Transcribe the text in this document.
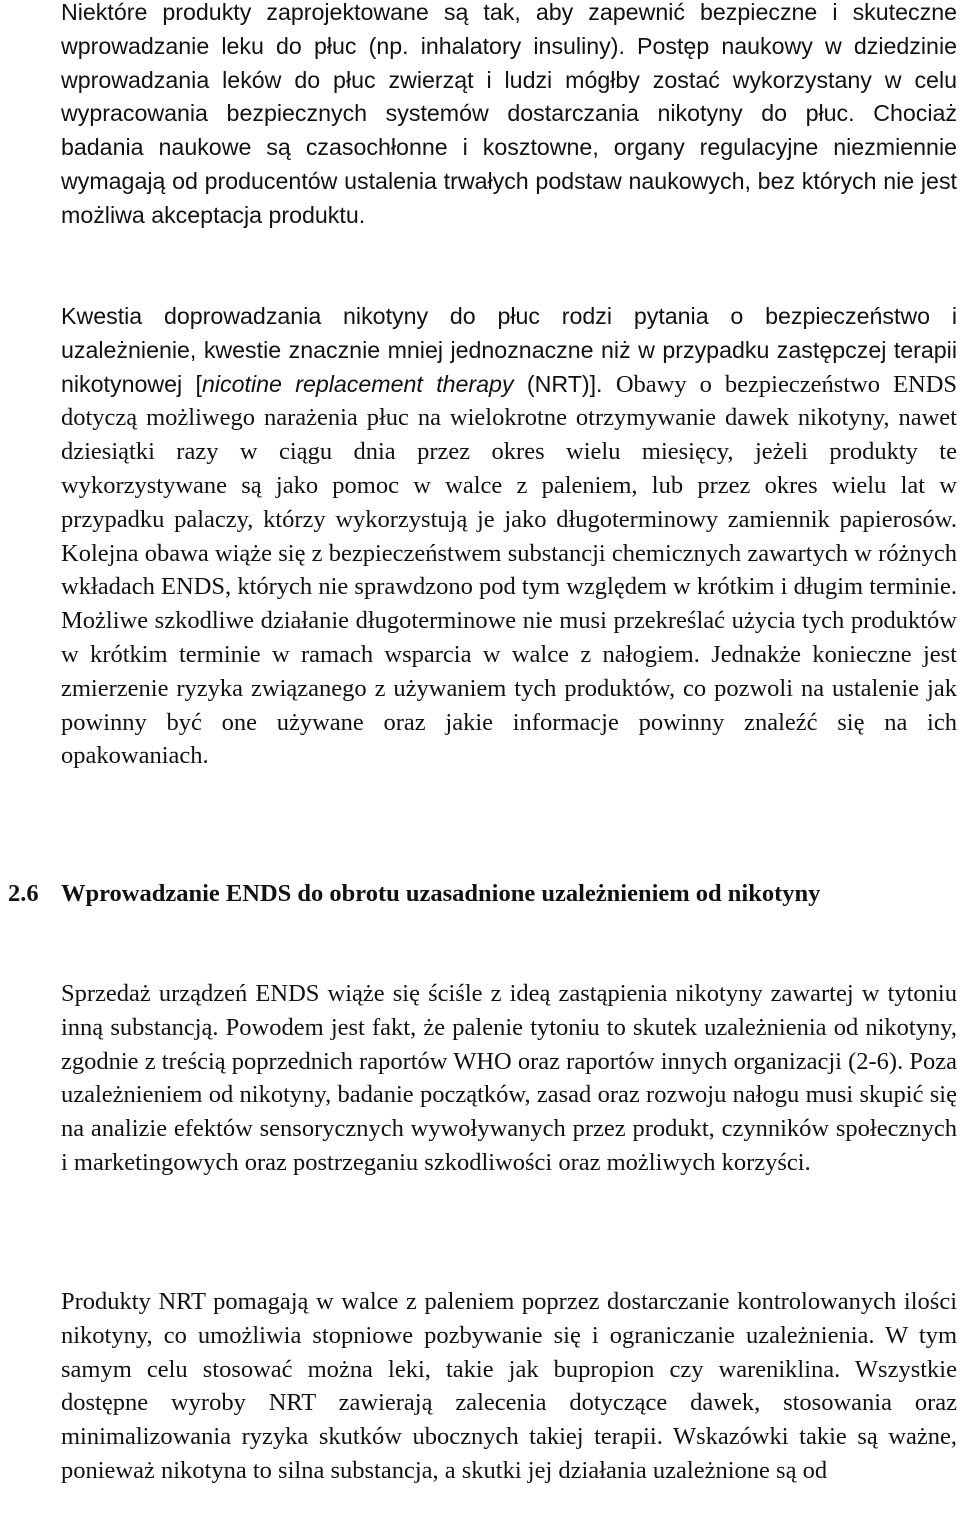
Niektóre produkty zaprojektowane są tak, aby zapewnić bezpieczne i skuteczne wprowadzanie leku do płuc (np. inhalatory insuliny). Postęp naukowy w dziedzinie wprowadzania leków do płuc zwierząt i ludzi mógłby zostać wykorzystany w celu wypracowania bezpiecznych systemów dostarczania nikotyny do płuc. Chociaż badania naukowe są czasochłonne i kosztowne, organy regulacyjne niezmiennie wymagają od producentów ustalenia trwałych podstaw naukowych, bez których nie jest możliwa akceptacja produktu.

Kwestia doprowadzania nikotyny do płuc rodzi pytania o bezpieczeństwo i uzależnienie, kwestie znacznie mniej jednoznaczne niż w przypadku zastępczej terapii nikotynowej [nicotine replacement therapy (NRT)]. Obawy o bezpieczeństwo ENDS dotyczą możliwego narażenia płuc na wielokrotne otrzymywanie dawek nikotyny, nawet dziesiątki razy w ciągu dnia przez okres wielu miesięcy, jeżeli produkty te wykorzystywane są jako pomoc w walce z paleniem, lub przez okres wielu lat w przypadku palaczy, którzy wykorzystują je jako długoterminowy zamiennik papierosów. Kolejna obawa wiąże się z bezpieczeństwem substancji chemicznych zawartych w różnych wkładach ENDS, których nie sprawdzono pod tym względem w krótkim i długim terminie. Możliwe szkodliwe działanie długoterminowe nie musi przekreślać użycia tych produktów w krótkim terminie w ramach wsparcia w walce z nałogiem. Jednakże konieczne jest zmierzenie ryzyka związanego z używaniem tych produktów, co pozwoli na ustalenie jak powinny być one używane oraz jakie informacje powinny znaleźć się na ich opakowaniach.

2.6 Wprowadzanie ENDS do obrotu uzasadnione uzależnieniem od nikotyny

Sprzedaż urządzeń ENDS wiąże się ściśle z ideą zastąpienia nikotyny zawartej w tytoniu inną substancją. Powodem jest fakt, że palenie tytoniu to skutek uzależnienia od nikotyny, zgodnie z treścią poprzednich raportów WHO oraz raportów innych organizacji (2-6). Poza uzależnieniem od nikotyny, badanie początków, zasad oraz rozwoju nałogu musi skupić się na analizie efektów sensorycznych wywoływanych przez produkt, czynników społecznych i marketingowych oraz postrzeganiu szkodliwości oraz możliwych korzyści.

Produkty NRT pomagają w walce z paleniem poprzez dostarczanie kontrolowanych ilości nikotyny, co umożliwia stopniowe pozbywanie się i ograniczanie uzależnienia. W tym samym celu stosować można leki, takie jak bupropion czy wareniklina. Wszystkie dostępne wyroby NRT zawierają zalecenia dotyczące dawek, stosowania oraz minimalizowania ryzyka skutków ubocznych takiej terapii. Wskazówki takie są ważne, ponieważ nikotyna to silna substancja, a skutki jej działania uzależnione są od
